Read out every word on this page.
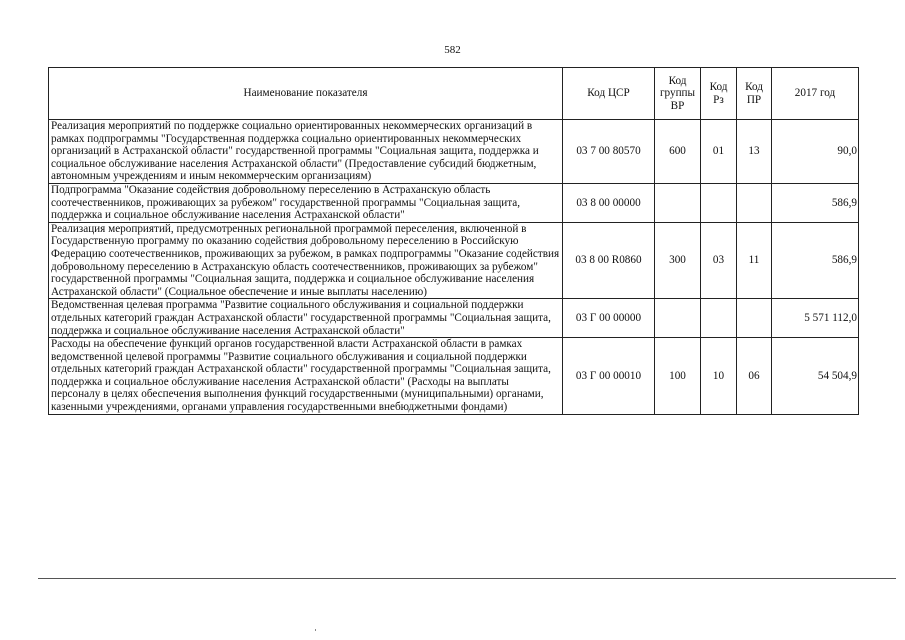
582
Наименование показателя	Код ЦСР	Код группы ВР	Код Рз	Код ПР	2017 год
Реализация мероприятий по поддержке социально ориентированных некоммерческих организаций в рамках подпрограммы "Государственная поддержка социально ориентированных некоммерческих организаций в Астраханской области" государственной программы "Социальная защита, поддержка и социальное обслуживание населения Астраханской области" (Предоставление субсидий бюджетным, автономным учреждениям и иным некоммерческим организациям)	03 7 00 80570	600	01	13	90,0
Подпрограмма "Оказание содействия добровольному переселению в Астраханскую область соотечественников, проживающих за рубежом" государственной программы "Социальная защита, поддержка и социальное обслуживание населения Астраханской области"	03 8 00 00000				586,9
Реализация мероприятий, предусмотренных региональной программой переселения, включенной в Государственную программу по оказанию содействия добровольному переселению в Российскую Федерацию соотечественников, проживающих за рубежом, в рамках подпрограммы "Оказание содействия добровольному переселению в Астраханскую область соотечественников, проживающих за рубежом" государственной программы "Социальная защита, поддержка и социальное обслуживание населения Астраханской области" (Социальное обеспечение и иные выплаты населению)	03 8 00 R0860	300	03	11	586,9
Ведомственная целевая программа "Развитие социального обслуживания и социальной поддержки отдельных категорий граждан Астраханской области" государственной программы "Социальная защита, поддержка и социальное обслуживание населения Астраханской области"	03 Г 00 00000				5 571 112,0
Расходы на обеспечение функций органов государственной власти Астраханской области в рамках ведомственной целевой программы "Развитие социального обслуживания и социальной поддержки отдельных категорий граждан Астраханской области" государственной программы "Социальная защита, поддержка и социальное обслуживание населения Астраханской области" (Расходы на выплаты персоналу в целях обеспечения выполнения функций государственными (муниципальными) органами, казенными учреждениями, органами управления государственными внебюджетными фондами)	03 Г 00 00010	100	10	06	54 504,9
